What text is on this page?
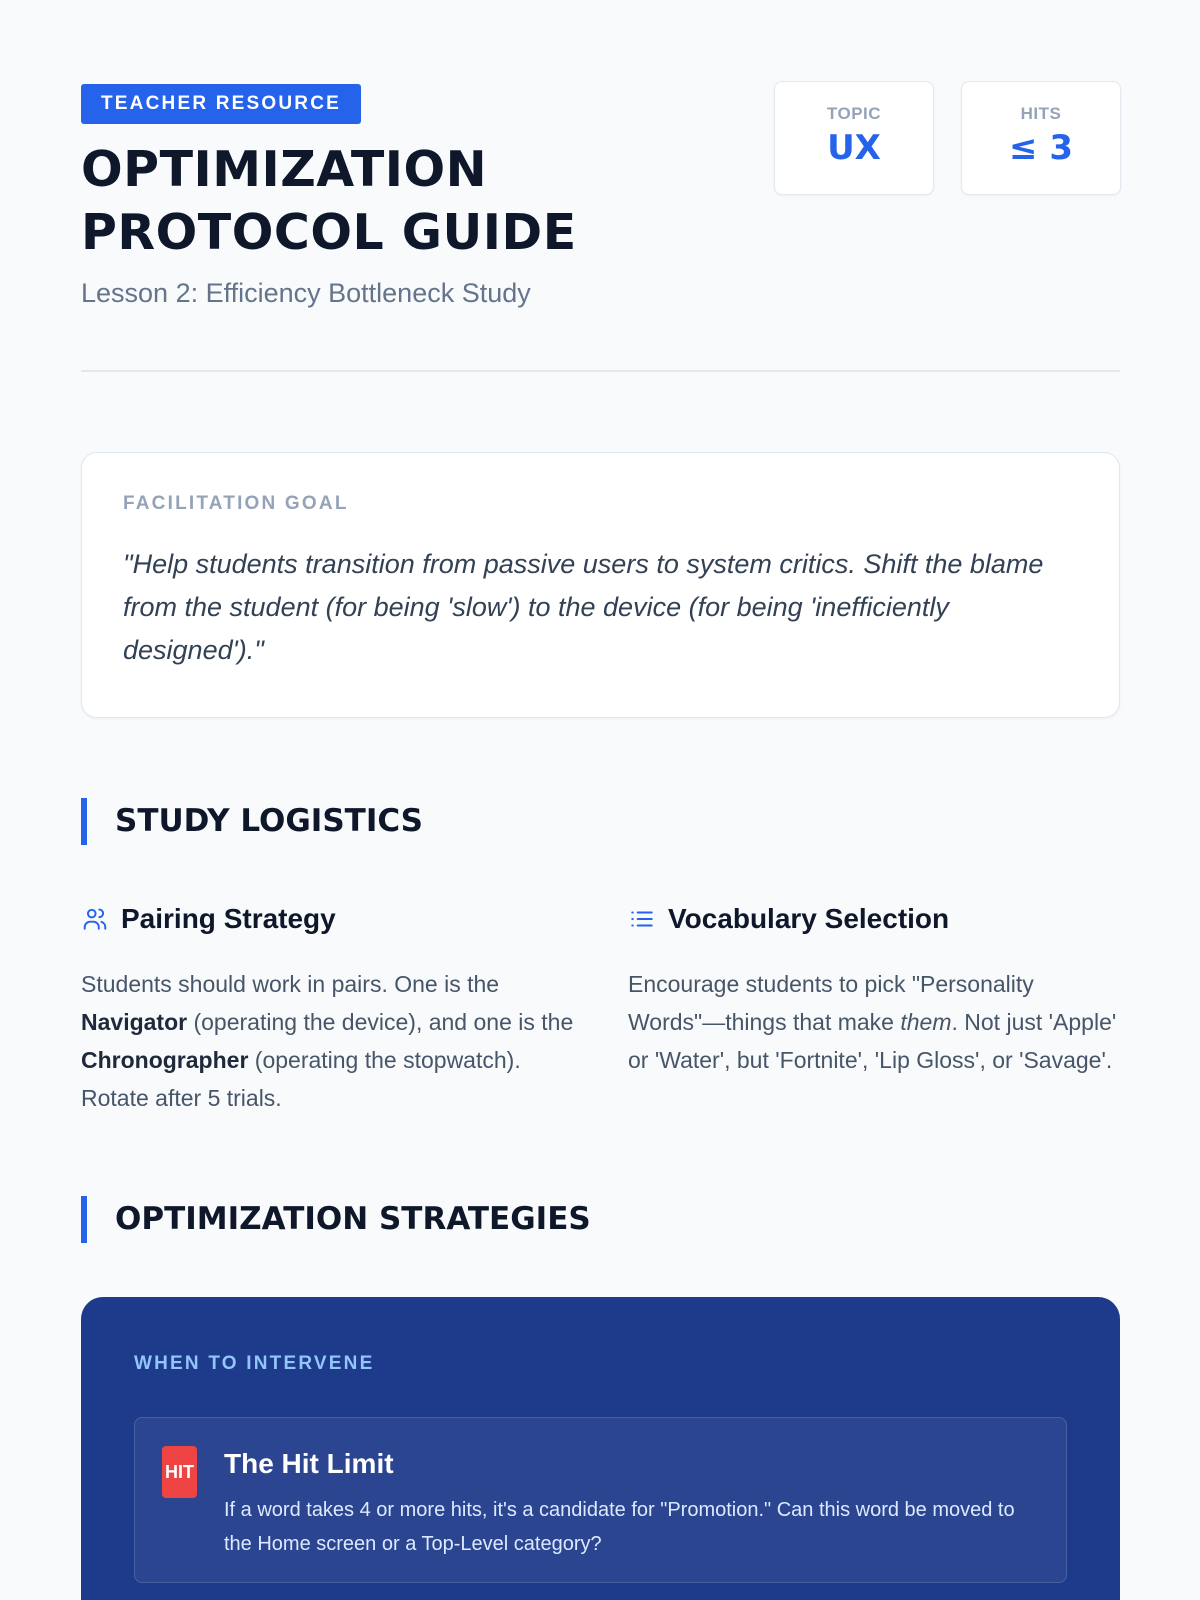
TEACHER RESOURCE
OPTIMIZATION
PROTOCOL GUIDE
Lesson 2: Efficiency Bottleneck Study
TOPIC
UX
HITS
≤ 3
FACILITATION GOAL

"Help students transition from passive users to system critics. Shift the blame from the student (for being 'slow') to the device (for being 'inefficiently designed')."

STUDY LOGISTICS
Pairing Strategy

Students should work in pairs. One is the Navigator (operating the device), and one is the Chronographer (operating the stopwatch). Rotate after 5 trials.

Vocabulary Selection

Encourage students to pick "Personality Words"—things that make them. Not just 'Apple' or 'Water', but 'Fortnite', 'Lip Gloss', or 'Savage'.

OPTIMIZATION STRATEGIES
WHEN TO INTERVENE
HIT The Hit Limit

If a word takes 4 or more hits, it's a candidate for "Promotion." Can this word be moved to the Home screen or a Top-Level category?
